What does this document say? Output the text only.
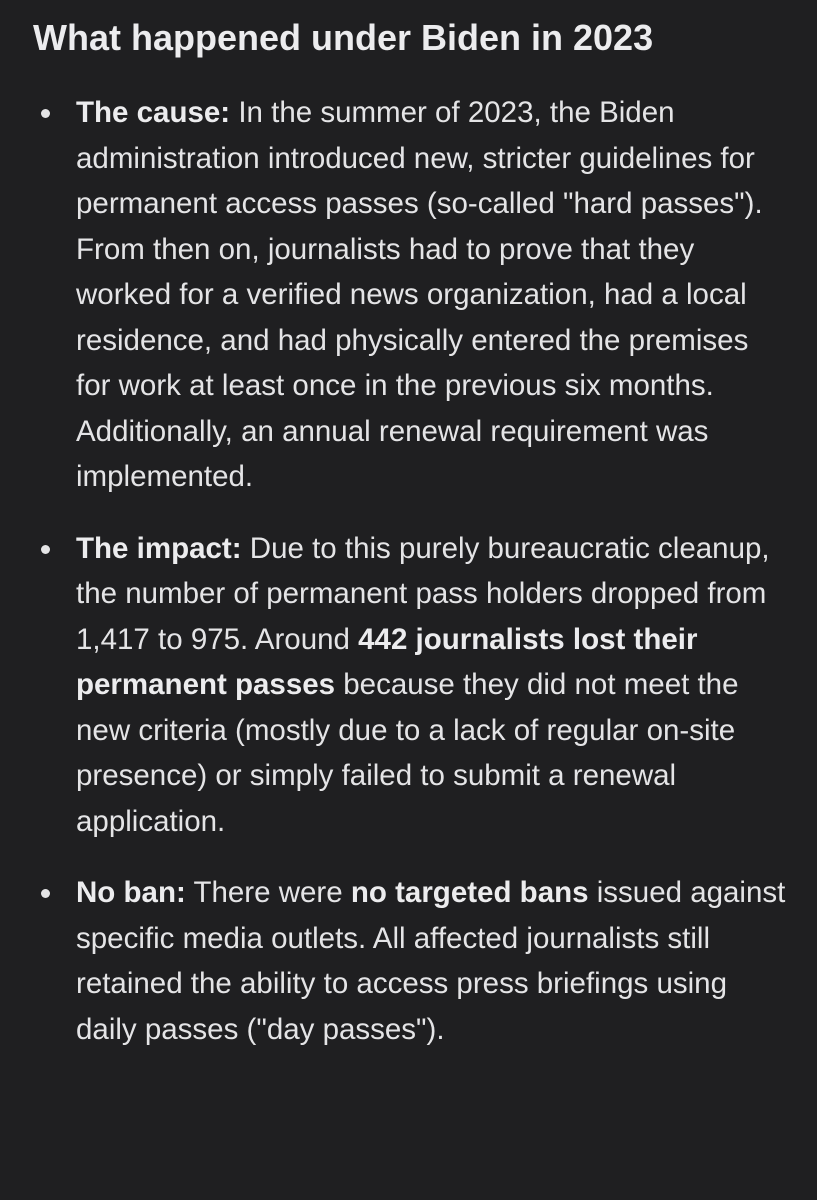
What happened under Biden in 2023
The cause: In the summer of 2023, the Biden administration introduced new, stricter guidelines for permanent access passes (so-called "hard passes"). From then on, journalists had to prove that they worked for a verified news organization, had a local residence, and had physically entered the premises for work at least once in the previous six months. Additionally, an annual renewal requirement was implemented.
The impact: Due to this purely bureaucratic cleanup, the number of permanent pass holders dropped from 1,417 to 975. Around 442 journalists lost their permanent passes because they did not meet the new criteria (mostly due to a lack of regular on-site presence) or simply failed to submit a renewal application.
No ban: There were no targeted bans issued against specific media outlets. All affected journalists still retained the ability to access press briefings using daily passes ("day passes").
